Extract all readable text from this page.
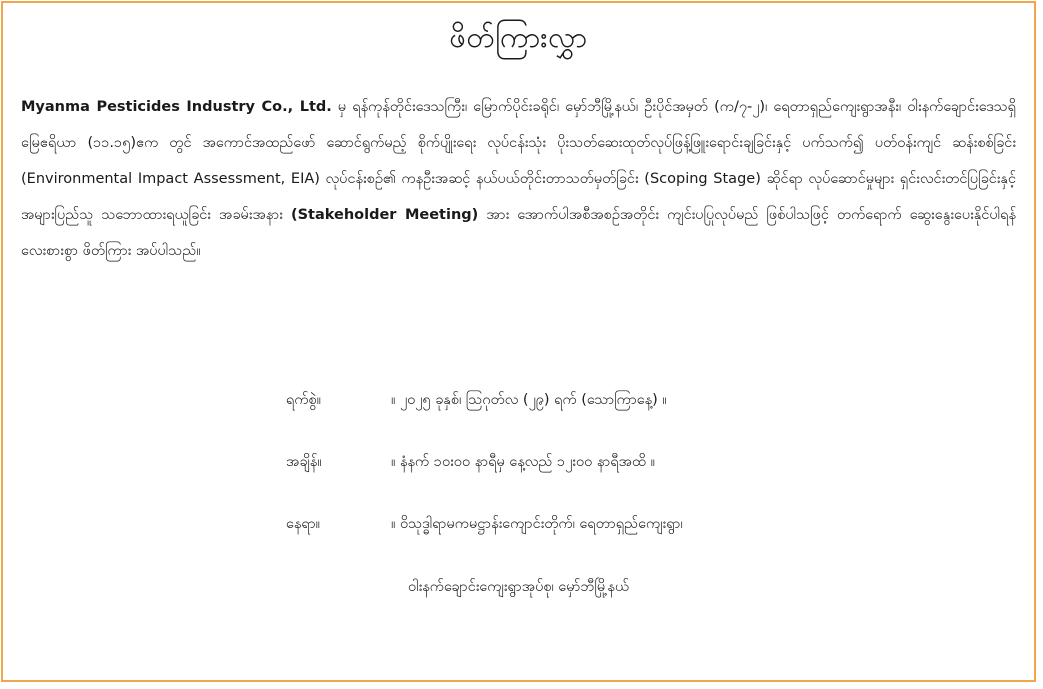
ဖိတ်ကြားလွှာ
Myanma Pesticides Industry Co., Ltd. မှ ရန်ကုန်တိုင်းဒေသကြီး၊ မြောက်ပိုင်းခရိုင်၊ မှော်ဘီမြို့နယ်၊ ဦးပိုင်အမှတ် (က/၇-၂)၊ ရေတာရှည်ကျေးရွာအနီး၊ ဝါးနက်ချောင်းဒေသရှိ မြေဧရိယာ (၁၁.၁၅)ဧက တွင် အကောင်အထည်ဖော် ဆောင်ရွက်မည့် စိုက်ပျိုးရေး လုပ်ငန်းသုံး ပိုးသတ်ဆေးထုတ်လုပ်ဖြန့်ဖြူးရောင်းချခြင်းနှင့် ပက်သက်၍ ပတ်ဝန်းကျင် ဆန်းစစ်ခြင်း (Environmental Impact Assessment, EIA) လုပ်ငန်းစဉ်၏ ကနဦးအဆင့် နယ်ပယ်တိုင်းတာသတ်မှတ်ခြင်း (Scoping Stage) ဆိုင်ရာ လုပ်ဆောင်မှုများ ရှင်းလင်းတင်ပြခြင်းနှင့် အများပြည်သူ သဘောထားရယူခြင်း အခမ်းအနား (Stakeholder Meeting) အား အောက်ပါအစီအစဉ်အတိုင်း ကျင်းပပြုလုပ်မည် ဖြစ်ပါသဖြင့် တက်ရောက် ဆွေးနွေးပေးနိုင်ပါရန် လေးစားစွာ ဖိတ်ကြား အပ်ပါသည်။
ရက်စွဲ။	။ ၂၀၂၅ ခုနှစ်၊ ဩဂုတ်လ (၂၉) ရက် (သောကြာနေ့) ။
အချိန်။	။ နံနက် ၁၀း၀၀ နာရီမှ နေ့လည် ၁၂း၀၀ နာရီအထိ ။
နေရာ။	။ ဝိသုဒ္ဓါရာမကမဋ္ဌာန်းကျောင်းတိုက်၊ ရေတာရှည်ကျေးရွာ၊
ဝါးနက်ချောင်းကျေးရွာအုပ်စု၊ မှော်ဘီမြို့နယ်
